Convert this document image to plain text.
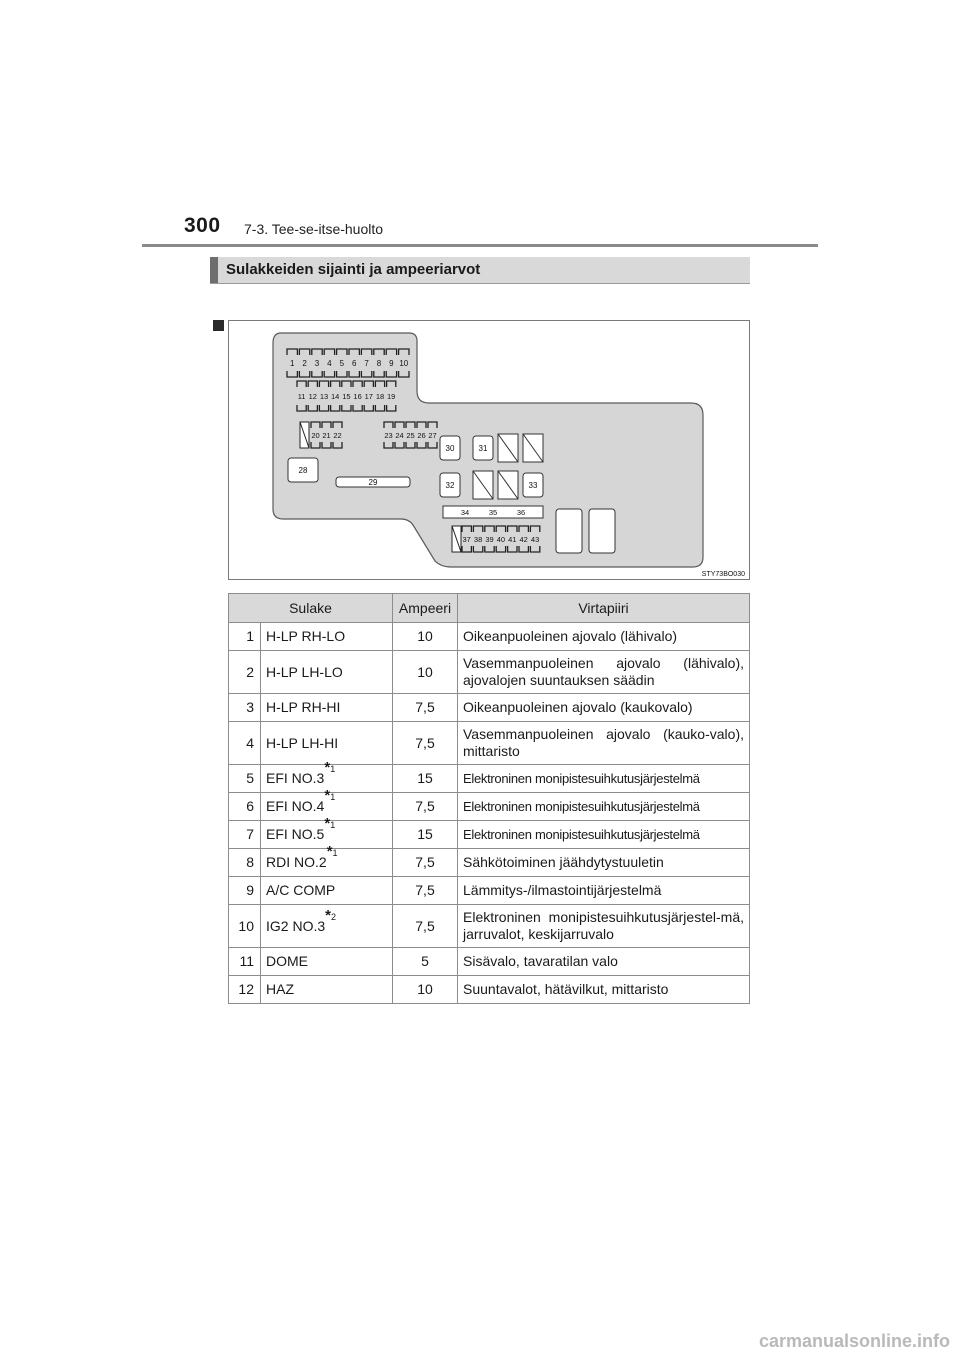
300 7-3. Tee-se-itse-huolto
Sulakkeiden sijainti ja ampeeriarvot
1 2 3 4 5 6 7 8 9 10
11 12 13 14 15 16 17 18 19
20 21 22	23 24 25 26 27
28
29
30	31
32	33
34	35	36
37 38 39 40 41 42 43
STY73BO030
Sulake		Ampeeri	Virtapiiri
1	H-LP RH-LO	10	Oikeanpuoleinen ajovalo (lähivalo)
2	H-LP LH-LO	10	Vasemmanpuoleinen ajovalo (lähivalo), ajovalojen suuntauksen säädin
3	H-LP RH-HI	7,5	Oikeanpuoleinen ajovalo (kaukovalo)
4	H-LP LH-HI	7,5	Vasemmanpuoleinen ajovalo (kauko-valo), mittaristo
5	EFI NO.3$^{*1}$	15	Elektroninen monipistesuihkutusjärjestelmä
6	EFI NO.4$^{*1}$	7,5	Elektroninen monipistesuihkutusjärjestelmä
7	EFI NO.5$^{*1}$	15	Elektroninen monipistesuihkutusjärjestelmä
8	RDI NO.2$^{*1}$	7,5	Sähkötoiminen jäähdytystuuletin
9	A/C COMP	7,5	Lämmitys-/ilmastointijärjestelmä
10	IG2 NO.3$^{*2}$	7,5	Elektroninen monipistesuihkutusjärjestel-mä, jarruvalot, keskijarruvalo
11	DOME	5	Sisävalo, tavaratilan valo
12	HAZ	10	Suuntavalot, hätävilkut, mittaristo
carmanualsonline.info
